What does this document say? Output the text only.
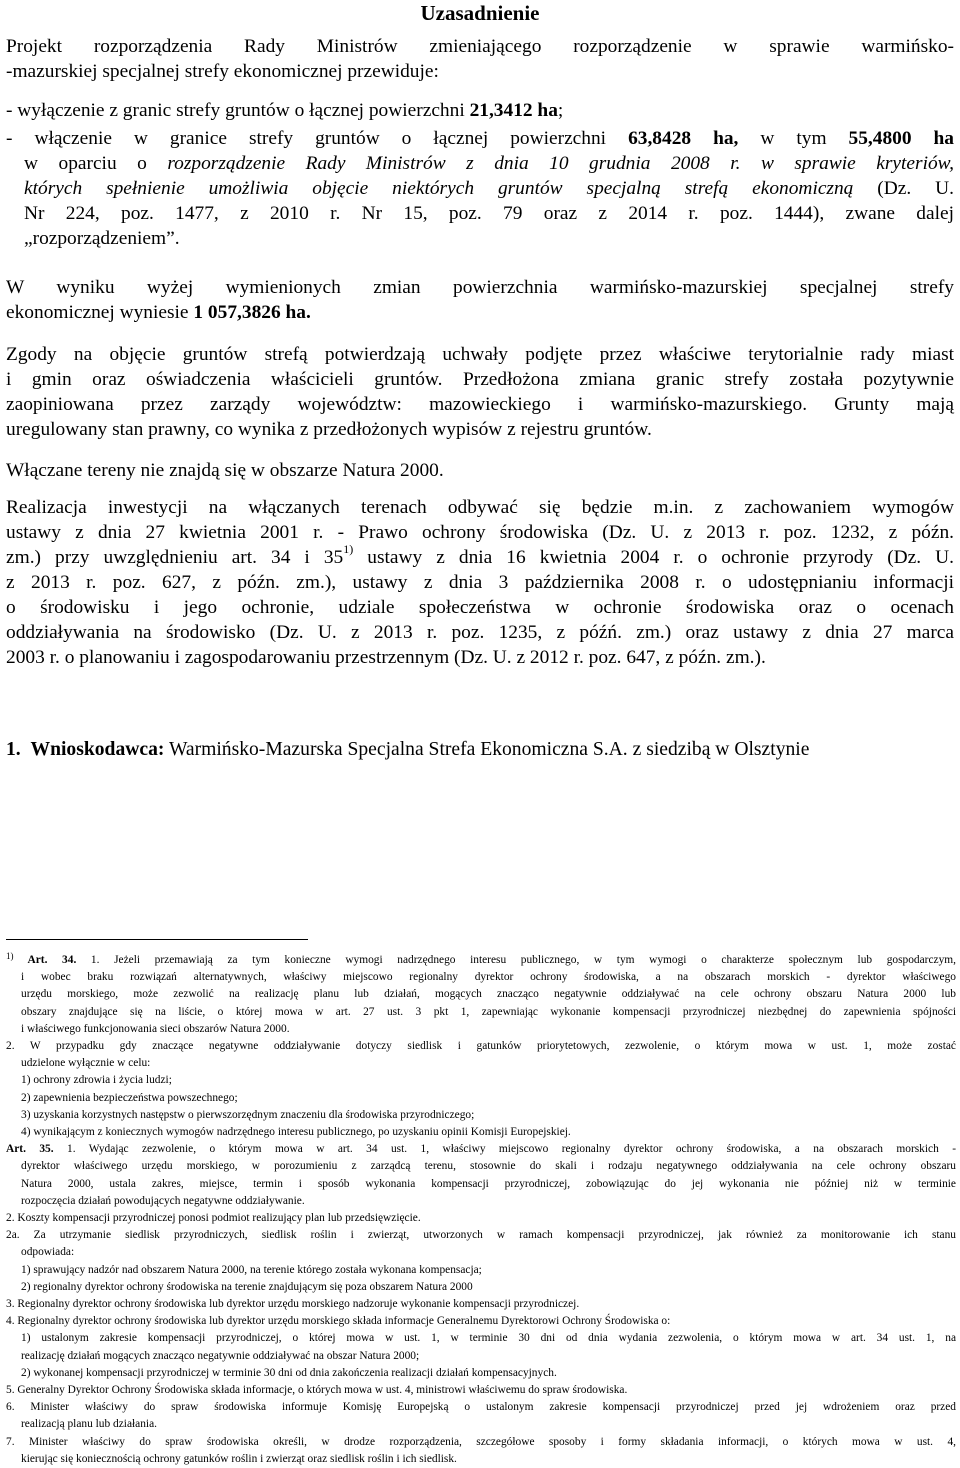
Uzasadnienie
Projekt rozporządzenia Rady Ministrów zmieniającego rozporządzenie w sprawie warmińsko-
-mazurskiej specjalnej strefy ekonomicznej przewiduje:
- wyłączenie z granic strefy gruntów o łącznej powierzchni 21,3412 ha;
- włączenie w granice strefy gruntów o łącznej powierzchni 63,8428 ha, w tym 55,4800 ha
w oparciu o rozporządzenie Rady Ministrów z dnia 10 grudnia 2008 r. w sprawie kryteriów,
których spełnienie umożliwia objęcie niektórych gruntów specjalną strefą ekonomiczną (Dz. U.
Nr 224, poz. 1477, z 2010 r. Nr 15, poz. 79 oraz z 2014 r. poz. 1444), zwane dalej
„rozporządzeniem”.
W wyniku wyżej wymienionych zmian powierzchnia warmińsko-mazurskiej specjalnej strefy
ekonomicznej wyniesie 1 057,3826 ha.
Zgody na objęcie gruntów strefą potwierdzają uchwały podjęte przez właściwe terytorialnie rady miast
i gmin oraz oświadczenia właścicieli gruntów. Przedłożona zmiana granic strefy została pozytywnie
zaopiniowana przez zarządy województw: mazowieckiego i warmińsko-mazurskiego. Grunty mają
uregulowany stan prawny, co wynika z przedłożonych wypisów z rejestru gruntów.
Włączane tereny nie znajdą się w obszarze Natura 2000.
Realizacja inwestycji na włączanych terenach odbywać się będzie m.in. z zachowaniem wymogów
ustawy z dnia 27 kwietnia 2001 r. - Prawo ochrony środowiska (Dz. U. z 2013 r. poz. 1232, z późn.
zm.) przy uwzględnieniu art. 34 i 35$^{1)}$ ustawy z dnia 16 kwietnia 2004 r. o ochronie przyrody (Dz. U.
z 2013 r. poz. 627, z późn. zm.), ustawy z dnia 3 października 2008 r. o udostępnianiu informacji
o środowisku i jego ochronie, udziale społeczeństwa w ochronie środowiska oraz o ocenach
oddziaływania na środowisko (Dz. U. z 2013 r. poz. 1235, z późń. zm.) oraz ustawy z dnia 27 marca
2003 r. o planowaniu i zagospodarowaniu przestrzennym (Dz. U. z 2012 r. poz. 647, z późn. zm.).
1. Wnioskodawca: Warmińsko-Mazurska Specjalna Strefa Ekonomiczna S.A. z siedzibą w Olsztynie
$^{1)}$ Art. 34. 1. Jeżeli przemawiają za tym konieczne wymogi nadrzędnego interesu publicznego, w tym wymogi o charakterze społecznym lub gospodarczym,
i wobec braku rozwiązań alternatywnych, właściwy miejscowo regionalny dyrektor ochrony środowiska, a na obszarach morskich - dyrektor właściwego
urzędu morskiego, może zezwolić na realizację planu lub działań, mogących znacząco negatywnie oddziaływać na cele ochrony obszaru Natura 2000 lub
obszary znajdujące się na liście, o której mowa w art. 27 ust. 3 pkt 1, zapewniając wykonanie kompensacji przyrodniczej niezbędnej do zapewnienia spójności
i właściwego funkcjonowania sieci obszarów Natura 2000.
2. W przypadku gdy znaczące negatywne oddziaływanie dotyczy siedlisk i gatunków priorytetowych, zezwolenie, o którym mowa w ust. 1, może zostać
udzielone wyłącznie w celu:
1) ochrony zdrowia i życia ludzi;
2) zapewnienia bezpieczeństwa powszechnego;
3) uzyskania korzystnych następstw o pierwszorzędnym znaczeniu dla środowiska przyrodniczego;
4) wynikającym z koniecznych wymogów nadrzędnego interesu publicznego, po uzyskaniu opinii Komisji Europejskiej.
Art. 35. 1. Wydając zezwolenie, o którym mowa w art. 34 ust. 1, właściwy miejscowo regionalny dyrektor ochrony środowiska, a na obszarach morskich -
dyrektor właściwego urzędu morskiego, w porozumieniu z zarządcą terenu, stosownie do skali i rodzaju negatywnego oddziaływania na cele ochrony obszaru
Natura 2000, ustala zakres, miejsce, termin i sposób wykonania kompensacji przyrodniczej, zobowiązując do jej wykonania nie później niż w terminie
rozpoczęcia działań powodujących negatywne oddziaływanie.
2. Koszty kompensacji przyrodniczej ponosi podmiot realizujący plan lub przedsięwzięcie.
2a. Za utrzymanie siedlisk przyrodniczych, siedlisk roślin i zwierząt, utworzonych w ramach kompensacji przyrodniczej, jak również za monitorowanie ich stanu
odpowiada:
1) sprawujący nadzór nad obszarem Natura 2000, na terenie którego została wykonana kompensacja;
2) regionalny dyrektor ochrony środowiska na terenie znajdującym się poza obszarem Natura 2000
3. Regionalny dyrektor ochrony środowiska lub dyrektor urzędu morskiego nadzoruje wykonanie kompensacji przyrodniczej.
4. Regionalny dyrektor ochrony środowiska lub dyrektor urzędu morskiego składa informacje Generalnemu Dyrektorowi Ochrony Środowiska o:
1) ustalonym zakresie kompensacji przyrodniczej, o której mowa w ust. 1, w terminie 30 dni od dnia wydania zezwolenia, o którym mowa w art. 34 ust. 1, na
realizację działań mogących znacząco negatywnie oddziaływać na obszar Natura 2000;
2) wykonanej kompensacji przyrodniczej w terminie 30 dni od dnia zakończenia realizacji działań kompensacyjnych.
5. Generalny Dyrektor Ochrony Środowiska składa informacje, o których mowa w ust. 4, ministrowi właściwemu do spraw środowiska.
6. Minister właściwy do spraw środowiska informuje Komisję Europejską o ustalonym zakresie kompensacji przyrodniczej przed jej wdrożeniem oraz przed
realizacją planu lub działania.
7. Minister właściwy do spraw środowiska określi, w drodze rozporządzenia, szczegółowe sposoby i formy składania informacji, o których mowa w ust. 4,
kierując się koniecznością ochrony gatunków roślin i zwierząt oraz siedlisk roślin i ich siedlisk.
